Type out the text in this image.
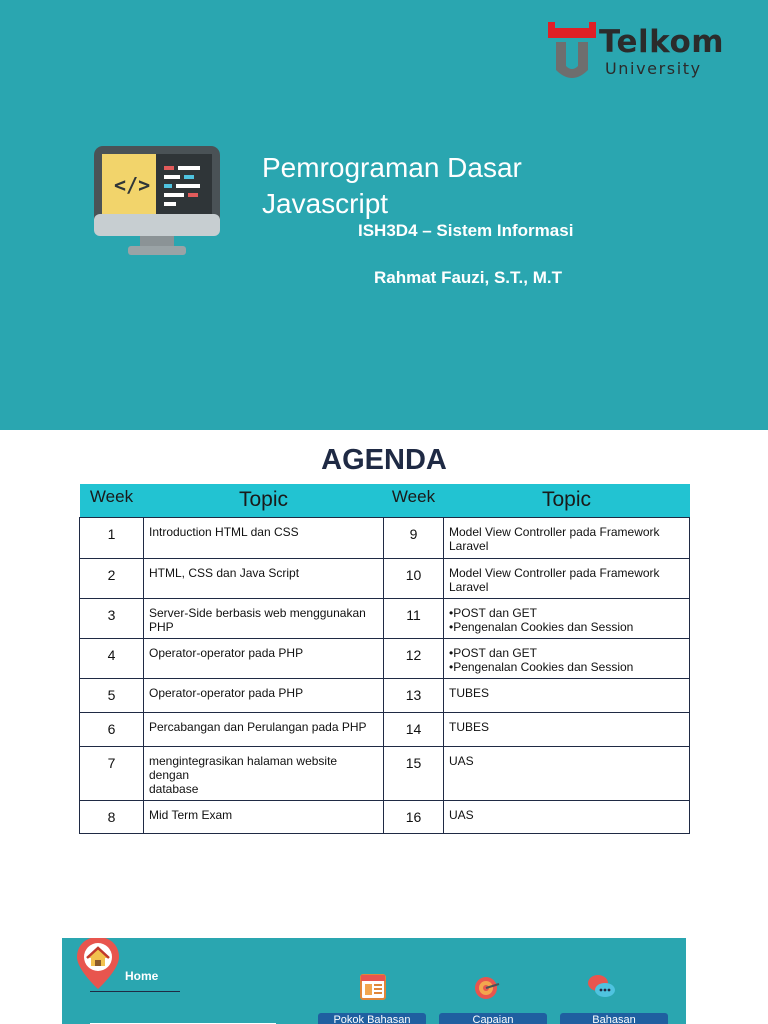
Telkom
University
</>
Pemrograman Dasar
Javascript
ISH3D4 – Sistem Informasi
Rahmat Fauzi, S.T., M.T
AGENDA
Week	Topic	Week	Topic
1	Introduction HTML dan CSS	9	Model View Controller pada Framework
Laravel
2	HTML, CSS dan Java Script	10	Model View Controller pada Framework
Laravel
3	Server-Side berbasis web menggunakan
PHP	11	•POST dan GET
•Pengenalan Cookies dan Session
4	Operator-operator pada PHP	12	•POST dan GET
•Pengenalan Cookies dan Session
5	Operator-operator pada PHP	13	TUBES
6	Percabangan dan Perulangan pada PHP	14	TUBES
7	mengintegrasikan halaman website dengan
database	15	UAS
8	Mid Term Exam	16	UAS
Home
Pokok Bahasan	Capaian	Bahasan
